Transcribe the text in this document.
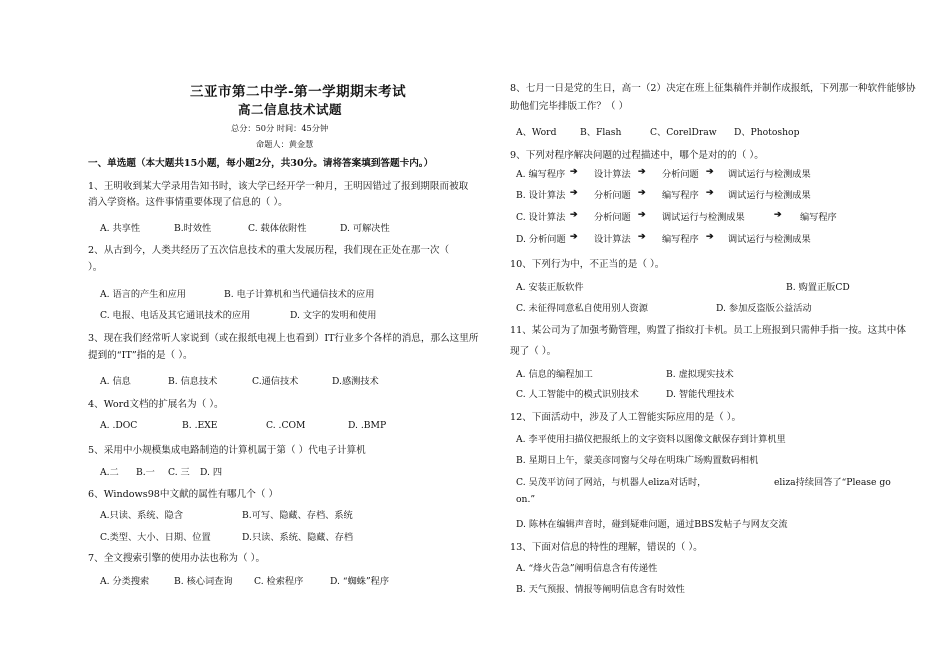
三亚市第二中学-第一学期期末考试
高二信息技术试题
总分：50分 时间：45分钟
命题人：黄金慧
一、单选题（本大题共15小题，每小题2分，共30分。请将答案填到答题卡内。）
1、王明收到某大学录用告知书时，该大学已经开学一种月，王明因错过了报到期限而被取
消入学资格。这件事情重要体现了信息的（ ）。
A. 共享性	B.时效性	C. 载体依附性	D. 可解决性
2、从古到今，人类共经历了五次信息技术的重大发展历程，我们现在正处在那一次（
）。
A. 语言的产生和应用	B. 电子计算机和当代通信技术的应用
C. 电报、电话及其它通讯技术的应用	D. 文字的发明和使用
3、现在我们经常听人家说到（或在报纸电视上也看到）IT行业多个各样的消息，那么这里所
提到的“IT”指的是（ ）。
A. 信息	B. 信息技术	C.通信技术	D.感测技术
4、Word文档的扩展名为（ ）。
A. .DOC	B. .EXE	C. .COM	D. .BMP
5、采用中小规模集成电路制造的计算机属于第（ ）代电子计算机
A.二 B.一 C. 三 D. 四
6、Windows98中文献的属性有哪几个（ ）
A.只读、系统、隐含	B.可写、隐藏、存档、系统
C.类型、大小、日期、位置	D.只读、系统、隐藏、存档
7、全文搜索引擎的使用办法也称为（ ）。
A. 分类搜索	B. 核心词查询 C. 检索程序	D. “蜘蛛”程序
8、七月一日是党的生日，高一（2）决定在班上征集稿件并制作成报纸，下列那一种软件能够协
助他们完毕排版工作？（ ）
A、Word	B、Flash	C、CorelDraw D、Photoshop
9、下列对程序解决问题的过程描述中，哪个是对的的（ ）。
A. 编写程序 ➔ 设计算法 ➔ 分析问题 ➔ 调试运行与检测成果
B. 设计算法 ➔ 分析问题 ➔ 编写程序 ➔ 调试运行与检测成果
C. 设计算法 ➔ 分析问题 ➔ 调试运行与检测成果	➔ 编写程序
D. 分析问题 ➔ 设计算法 ➔ 编写程序 ➔ 调试运行与检测成果
10、下列行为中，不正当的是（ ）。
A. 安装正版软件	B. 购置正版CD
C. 未征得同意私自使用别人资源	D. 参加反盗版公益活动
11、某公司为了加强考勤管理，购置了指纹打卡机。员工上班报到只需伸手指一按。这其中体
现了（ ）。
A. 信息的编程加工	B. 虚拟现实技术
C. 人工智能中的模式识别技术	D. 智能代理技术
12、下面活动中，涉及了人工智能实际应用的是（ ）。
A. 李平使用扫描仪把报纸上的文字资料以图像文献保存到计算机里
B. 星期日上午，蒙美彦同窗与父母在明珠广场购置数码相机
C. 吴茂平访问了网站，与机器人eliza对话时，	eliza持续回答了“Please go
on.”
D. 陈林在编辑声音时，碰到疑难问题，通过BBS发帖子与网友交流
13、下面对信息的特性的理解，错误的（ ）。
A. “烽火告急”阐明信息含有传递性
B. 天气预报、情报等阐明信息含有时效性
